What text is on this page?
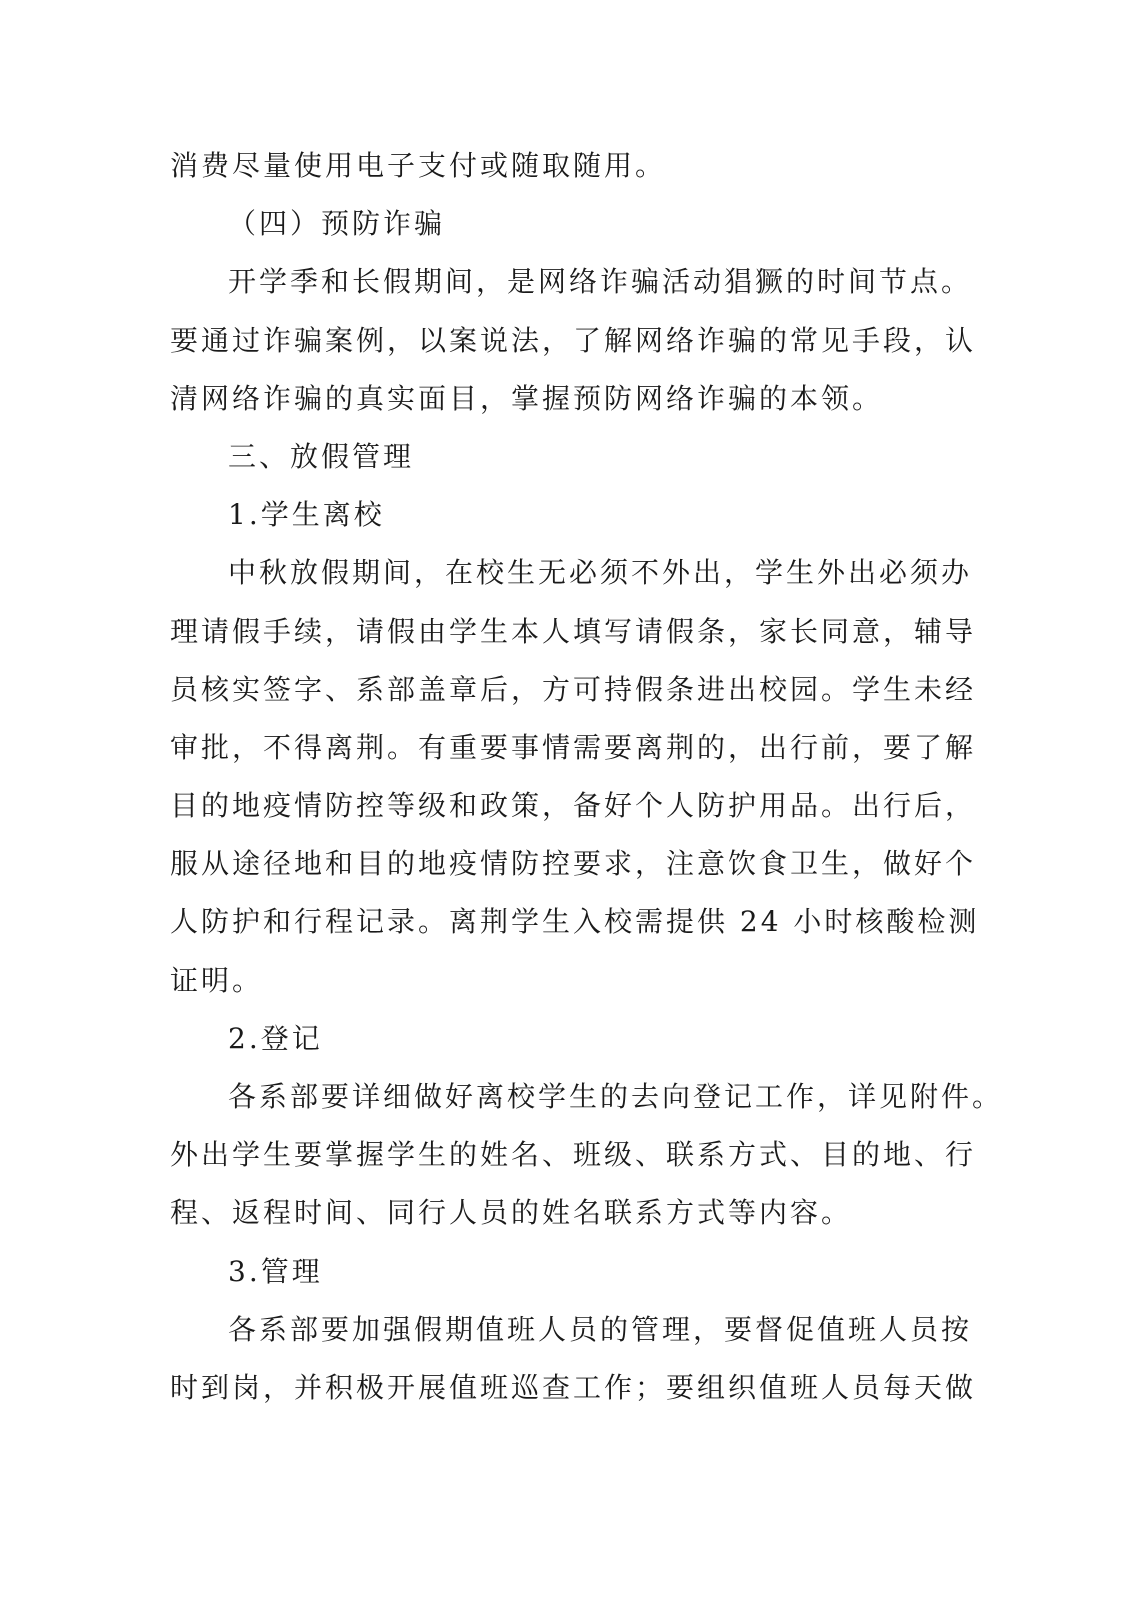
消费尽量使用电子支付或随取随用。
（四）预防诈骗
开学季和长假期间，是网络诈骗活动猖獗的时间节点。
要通过诈骗案例，以案说法，了解网络诈骗的常见手段，认
清网络诈骗的真实面目，掌握预防网络诈骗的本领。
三、放假管理
1.学生离校
中秋放假期间，在校生无必须不外出，学生外出必须办
理请假手续，请假由学生本人填写请假条，家长同意，辅导
员核实签字、系部盖章后，方可持假条进出校园。学生未经
审批，不得离荆。有重要事情需要离荆的，出行前，要了解
目的地疫情防控等级和政策，备好个人防护用品。出行后，
服从途径地和目的地疫情防控要求，注意饮食卫生，做好个
人防护和行程记录。离荆学生入校需提供 24 小时核酸检测
证明。
2.登记
各系部要详细做好离校学生的去向登记工作，详见附件。
外出学生要掌握学生的姓名、班级、联系方式、目的地、行
程、返程时间、同行人员的姓名联系方式等内容。
3.管理
各系部要加强假期值班人员的管理，要督促值班人员按
时到岗，并积极开展值班巡查工作；要组织值班人员每天做
